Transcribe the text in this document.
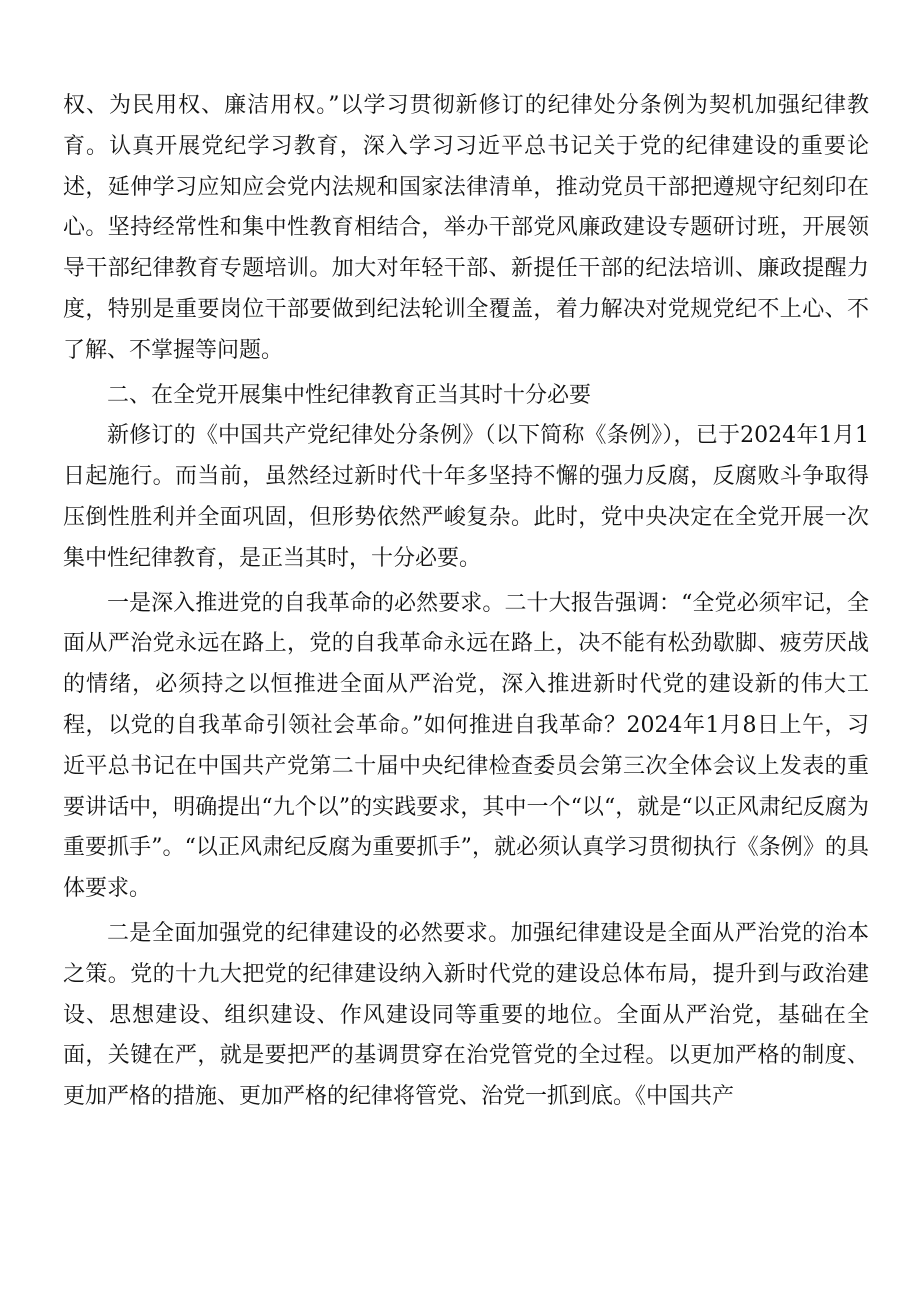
权、为民用权、廉洁用权。”以学习贯彻新修订的纪律处分条例为契机加强纪律教育。认真开展党纪学习教育，深入学习习近平总书记关于党的纪律建设的重要论述，延伸学习应知应会党内法规和国家法律清单，推动党员干部把遵规守纪刻印在心。坚持经常性和集中性教育相结合，举办干部党风廉政建设专题研讨班，开展领导干部纪律教育专题培训。加大对年轻干部、新提任干部的纪法培训、廉政提醒力度，特别是重要岗位干部要做到纪法轮训全覆盖，着力解决对党规党纪不上心、不了解、不掌握等问题。

二、在全党开展集中性纪律教育正当其时十分必要

新修订的《中国共产党纪律处分条例》（以下简称《条例》），已于2024年1月1日起施行。而当前，虽然经过新时代十年多坚持不懈的强力反腐，反腐败斗争取得压倒性胜利并全面巩固，但形势依然严峻复杂。此时，党中央决定在全党开展一次集中性纪律教育，是正当其时，十分必要。

一是深入推进党的自我革命的必然要求。二十大报告强调：“全党必须牢记，全面从严治党永远在路上，党的自我革命永远在路上，决不能有松劲歇脚、疲劳厌战的情绪，必须持之以恒推进全面从严治党，深入推进新时代党的建设新的伟大工程，以党的自我革命引领社会革命。”如何推进自我革命？2024年1月8日上午，习近平总书记在中国共产党第二十届中央纪律检查委员会第三次全体会议上发表的重要讲话中，明确提出“九个以”的实践要求，其中一个“以“，就是“以正风肃纪反腐为重要抓手”。“以正风肃纪反腐为重要抓手”，就必须认真学习贯彻执行《条例》的具体要求。

二是全面加强党的纪律建设的必然要求。加强纪律建设是全面从严治党的治本之策。党的十九大把党的纪律建设纳入新时代党的建设总体布局，提升到与政治建设、思想建设、组织建设、作风建设同等重要的地位。全面从严治党，基础在全面，关键在严，就是要把严的基调贯穿在治党管党的全过程。以更加严格的制度、更加严格的措施、更加严格的纪律将管党、治党一抓到底。《中国共产
